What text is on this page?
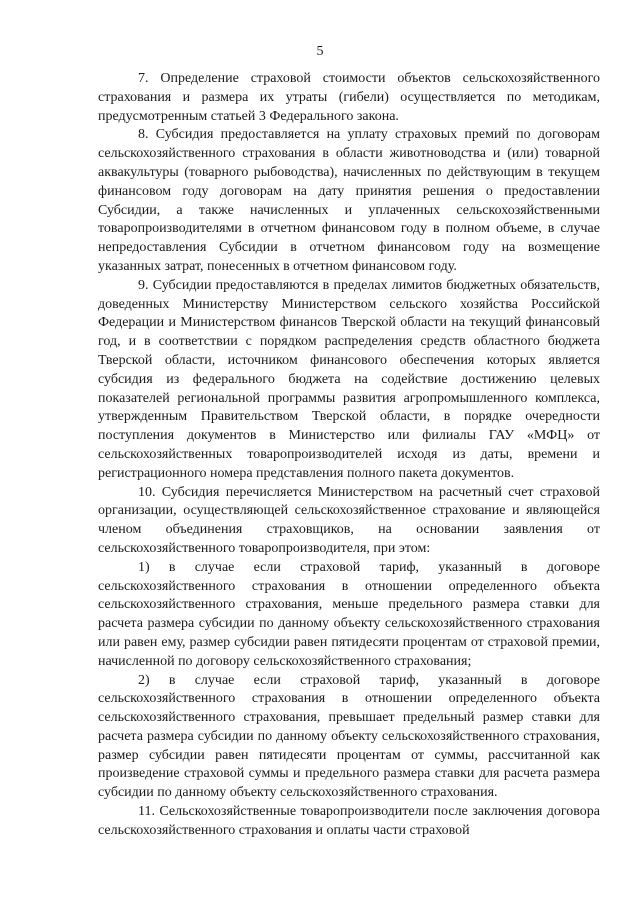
5

7. Определение страховой стоимости объектов сельскохозяйственного страхования и размера их утраты (гибели) осуществляется по методикам, предусмотренным статьей 3 Федерального закона.

8. Субсидия предоставляется на уплату страховых премий по договорам сельскохозяйственного страхования в области животноводства и (или) товарной аквакультуры (товарного рыбоводства), начисленных по действующим в текущем финансовом году договорам на дату принятия решения о предоставлении Субсидии, а также начисленных и уплаченных сельскохозяйственными товаропроизводителями в отчетном финансовом году в полном объеме, в случае непредоставления Субсидии в отчетном финансовом году на возмещение указанных затрат, понесенных в отчетном финансовом году.

9. Субсидии предоставляются в пределах лимитов бюджетных обязательств, доведенных Министерству Министерством сельского хозяйства Российской Федерации и Министерством финансов Тверской области на текущий финансовый год, и в соответствии с порядком распределения средств областного бюджета Тверской области, источником финансового обеспечения которых является субсидия из федерального бюджета на содействие достижению целевых показателей региональной программы развития агропромышленного комплекса, утвержденным Правительством Тверской области, в порядке очередности поступления документов в Министерство или филиалы ГАУ «МФЦ» от сельскохозяйственных товаропроизводителей исходя из даты, времени и регистрационного номера представления полного пакета документов.

10. Субсидия перечисляется Министерством на расчетный счет страховой организации, осуществляющей сельскохозяйственное страхование и являющейся членом объединения страховщиков, на основании заявления от сельскохозяйственного товаропроизводителя, при этом:

1) в случае если страховой тариф, указанный в договоре сельскохозяйственного страхования в отношении определенного объекта сельскохозяйственного страхования, меньше предельного размера ставки для расчета размера субсидии по данному объекту сельскохозяйственного страхования или равен ему, размер субсидии равен пятидесяти процентам от страховой премии, начисленной по договору сельскохозяйственного страхования;

2) в случае если страховой тариф, указанный в договоре сельскохозяйственного страхования в отношении определенного объекта сельскохозяйственного страхования, превышает предельный размер ставки для расчета размера субсидии по данному объекту сельскохозяйственного страхования, размер субсидии равен пятидесяти процентам от суммы, рассчитанной как произведение страховой суммы и предельного размера ставки для расчета размера субсидии по данному объекту сельскохозяйственного страхования.

11. Сельскохозяйственные товаропроизводители после заключения договора сельскохозяйственного страхования и оплаты части страховой
